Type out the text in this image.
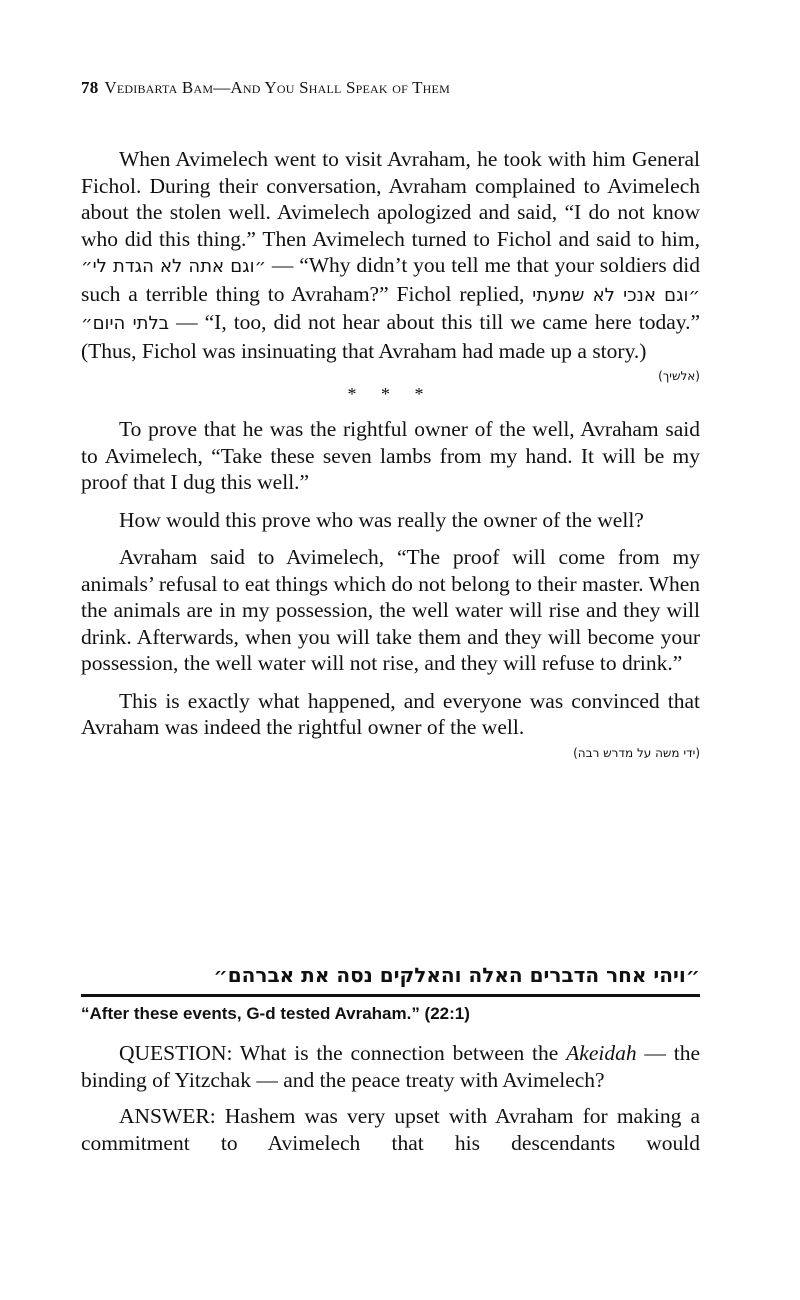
78 Vedibarta Bam—And You Shall Speak of Them

When Avimelech went to visit Avraham, he took with him General Fichol. During their conversation, Avraham complained to Avimelech about the stolen well. Avimelech apologized and said, “I do not know who did this thing.” Then Avimelech turned to Fichol and said to him, ״וגם אתה לא הגדת לי״ — “Why didn’t you tell me that your soldiers did such a terrible thing to Avraham?” Fichol replied, ״וגם אנכי לא שמעתי בלתי היום״ — “I, too, did not hear about this till we came here today.” (Thus, Fichol was insinuating that Avraham had made up a story.)

(אלשיך)
* * *

To prove that he was the rightful owner of the well, Avraham said to Avimelech, “Take these seven lambs from my hand. It will be my proof that I dug this well.”

How would this prove who was really the owner of the well?

Avraham said to Avimelech, “The proof will come from my animals’ refusal to eat things which do not belong to their master. When the animals are in my possession, the well water will rise and they will drink. Afterwards, when you will take them and they will become your possession, the well water will not rise, and they will refuse to drink.”

This is exactly what happened, and everyone was convinced that Avraham was indeed the rightful owner of the well.

(ידי משה על מדרש רבה)
״ויהי אחר הדברים האלה והאלקים נסה את אברהם״
“After these events, G-d tested Avraham.” (22:1)

QUESTION: What is the connection between the Akeidah — the binding of Yitzchak — and the peace treaty with Avimelech?

ANSWER: Hashem was very upset with Avraham for making a commitment to Avimelech that his descendants would
